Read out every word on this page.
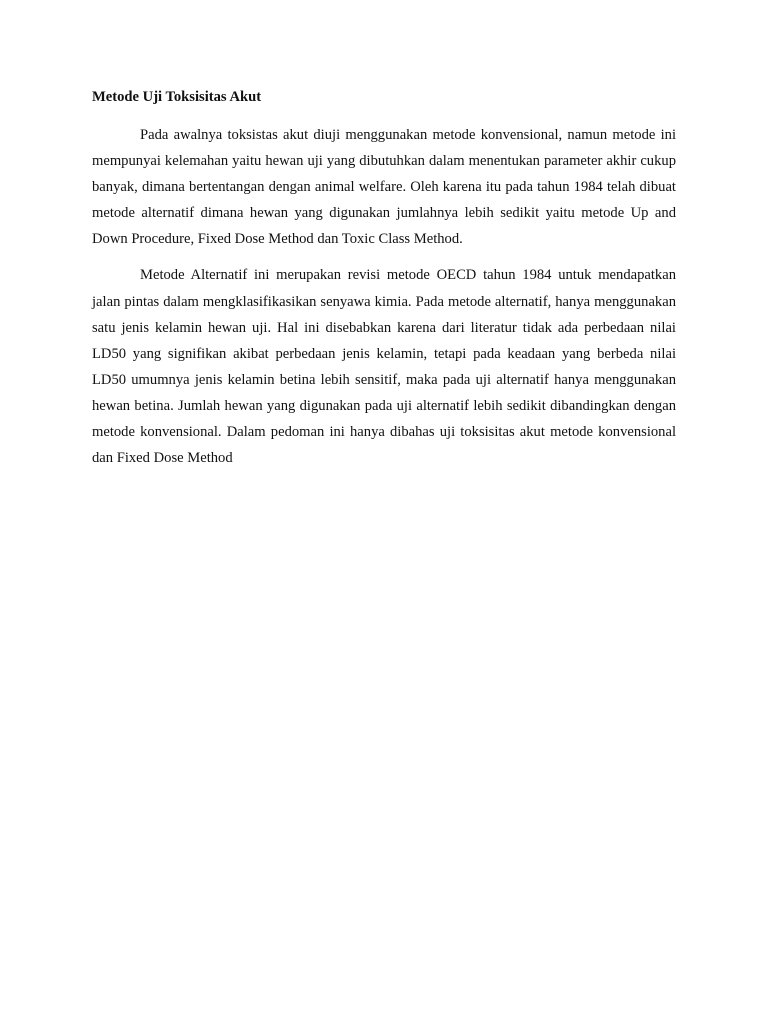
Metode Uji Toksisitas Akut

Pada awalnya toksistas akut diuji menggunakan metode konvensional, namun metode ini mempunyai kelemahan yaitu hewan uji yang dibutuhkan dalam menentukan parameter akhir cukup banyak, dimana bertentangan dengan animal welfare. Oleh karena itu pada tahun 1984 telah dibuat metode alternatif dimana hewan yang digunakan jumlahnya lebih sedikit yaitu metode Up and Down Procedure, Fixed Dose Method dan Toxic Class Method.

Metode Alternatif ini merupakan revisi metode OECD tahun 1984 untuk mendapatkan jalan pintas dalam mengklasifikasikan senyawa kimia. Pada metode alternatif, hanya menggunakan satu jenis kelamin hewan uji. Hal ini disebabkan karena dari literatur tidak ada perbedaan nilai LD50 yang signifikan akibat perbedaan jenis kelamin, tetapi pada keadaan yang berbeda nilai LD50 umumnya jenis kelamin betina lebih sensitif, maka pada uji alternatif hanya menggunakan hewan betina. Jumlah hewan yang digunakan pada uji alternatif lebih sedikit dibandingkan dengan metode konvensional. Dalam pedoman ini hanya dibahas uji toksisitas akut metode konvensional dan Fixed Dose Method
